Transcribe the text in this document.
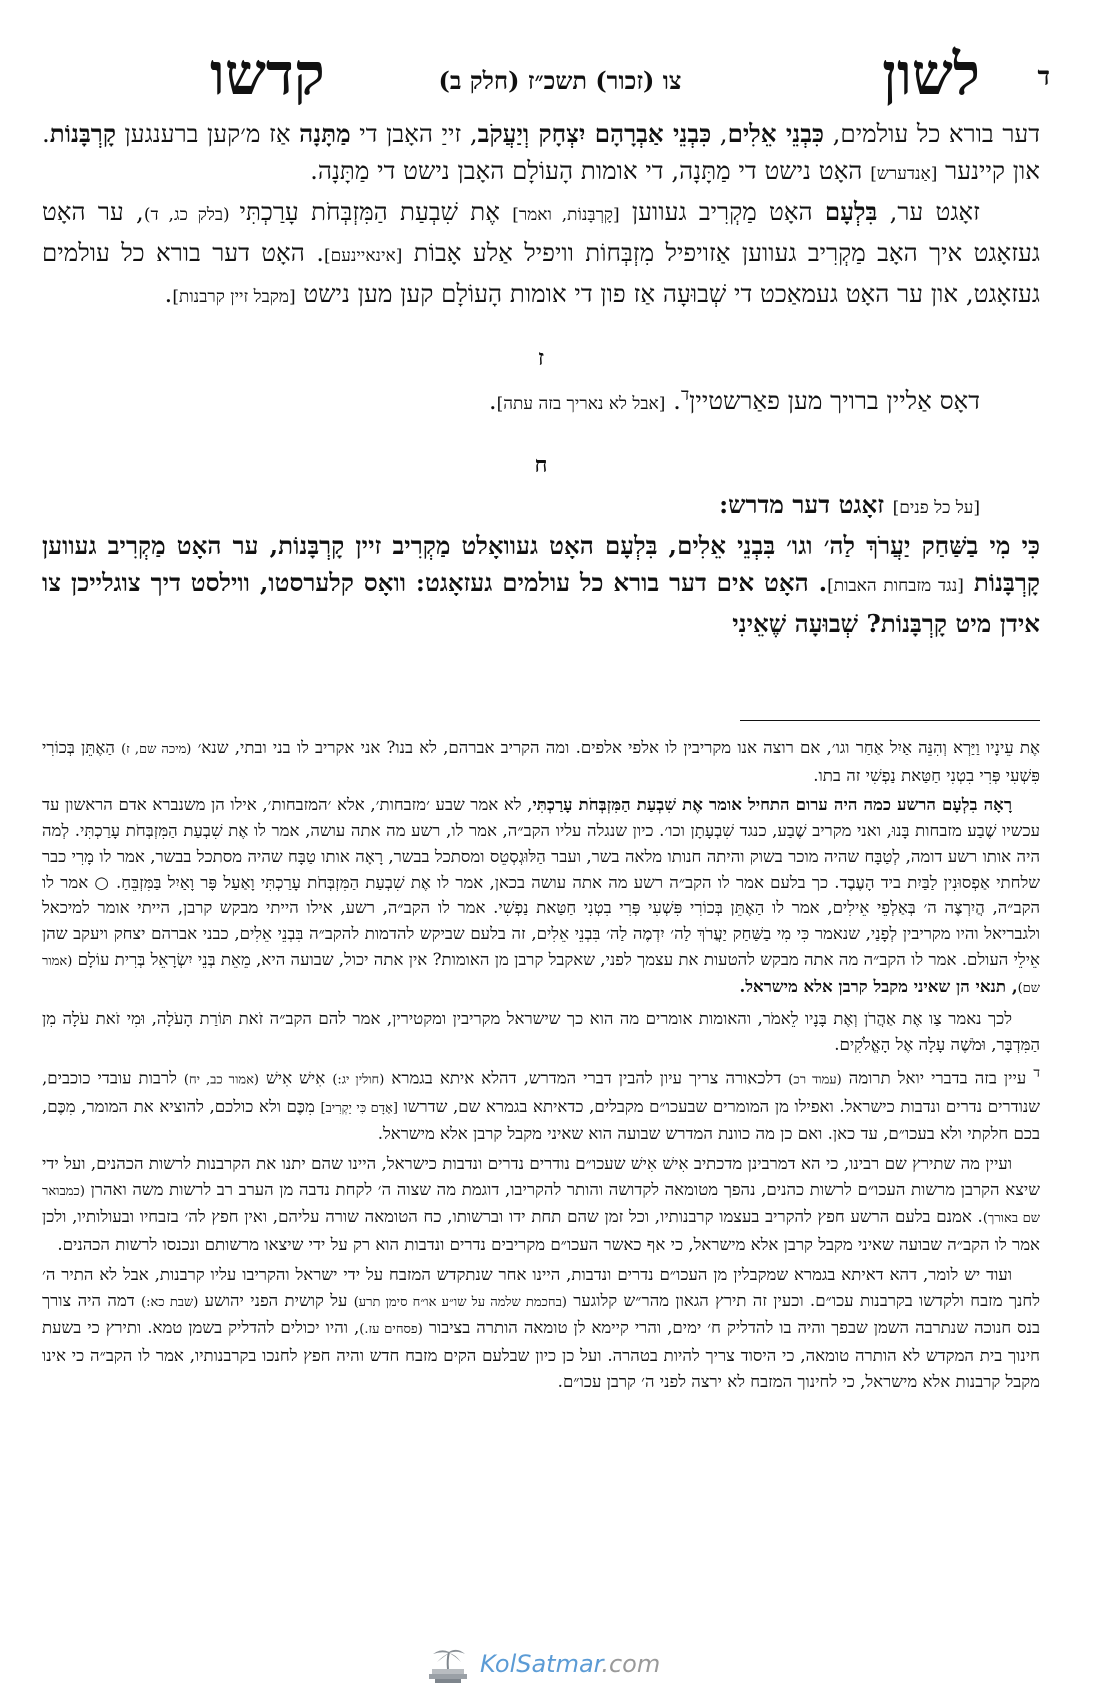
ד
לשון
צו (זכור) תשכ״ז (חלק ב)
קדשו

דער בורא כל עולמים, כִּבְנֵי אֵלִים, כִּבְנֵי אַבְרָהָם יִצְחָק וְיַעֲקֹב, זייַ האָבן די מַתָּנָה אַז מ׳קען ברענגען קָרְבָּנוֹת. און קיינער [אַנדערש] האָט נישט די מַתָּנָה, די אומות הָעוֹלָם האָבן נישט די מַתָּנָה.

זאָגט ער, בִּלְעָם האָט מַקְרִיב געווען [קָרְבָּנוֹת, ואמר] אֶת שִׁבְעַת הַמִּזְבְּחֹת עָרַכְתִּי (בלק כג, ד), ער האָט געזאָגט איך האָב מַקְרִיב געווען אַזויפיל מִזְבְּחוֹת וויפיל אַלע אָבוֹת [אינאיינעם]. האָט דער בורא כל עולמים געזאָגט, און ער האָט געמאַכט די שְׁבוּעָה אַז פון די אומות הָעוֹלָם קען מען נישט [מקבל זיין קרבנות].

ז

דאָס אַליין ברויך מען פאַרשטיין$^ד$. [אבל לא נאריך בזה עתה].

ח

[על כל פנים] זאָגט דער מדרש:

כִּי מִי בַשַּׁחַק יַעֲרֹךְ לַה׳ וגו׳ בִּבְנֵי אֵלִים, בִּלְעָם האָט געוואָלט מַקְרִיב זיין קָרְבָּנוֹת, ער האָט מַקְרִיב געווען קָרְבָּנוֹת [נגד מזבחות האבות]. האָט אים דער בורא כל עולמים געזאָגט: וואָס קלערסטו, ווילסט דיך צוגלייכן צו אידן מיט קָרְבָּנוֹת? שְׁבוּעָה שֶׁאֵינִי

אֶת עֵינָיו וַיַּרְא וְהִנֵּה אַיִל אַחַר וגו׳, אם רוצה אנו מקריבין לו אלפי אלפים. ומה הקריב אברהם, לא בנו? אני אקריב לו בני ובתי, שנא׳ (מיכה שם, ז) הַאֶתֵּן בְּכוֹרִי פִּשְׁעִי פְּרִי בִטְנִי חַטַּאת נַפְשִׁי זה בתו.

רָאָה בִלְעָם הרשע כמה היה ערום התחיל אומר אֶת שִׁבְעַת הַמִּזְבְּחֹת עָרַכְתִּי, לא אמר שבע ׳מזבחות׳, אלא ׳המזבחות׳, אילו הן משנברא אדם הראשון עד עכשיו שֶׁבַע מזבחות בָּנוּ, ואני מקריב שֶׁבַע, כנגד שִׁבְעָתָן וכו׳. כיון שנגלה עליו הקב״ה, אמר לו, רשע מה אתה עושה, אמר לו אֶת שִׁבְעַת הַמִּזְבְּחֹת עָרַכְתִּי. לְמה היה אותו רשע דומה, לְטַבָּח שהיה מוכר בשוק והיתה חנותו מלאה בשר, ועבר הַלּוּגְסְטֵס ומסתכל בבשר, רָאָה אותו טַבָּח שהיה מסתכל בבשר, אמר לו מָרִי כבר שלחתי אַפְסוּנִין לַבַּיִת ביד הָעֶבֶד. כך בלעם אמר לו הקב״ה רשע מה אתה עושה בכאן, אמר לו אֶת שִׁבְעַת הַמִּזְבְּחֹת עָרַכְתִּי וָאַעַל פָּר וָאַיִל בַּמִּזְבֵּחַ. ○ אמר לו הקב״ה, הֲיִרְצֶה ה׳ בְּאַלְפֵי אֵילִים, אמר לו הַאֶתֵּן בְּכוֹרִי פִּשְׁעִי פְּרִי בִטְנִי חַטַּאת נַפְשִׁי. אמר לו הקב״ה, רשע, אילו הייתי מבקש קרבן, הייתי אומר למיכאל ולגבריאל והיו מקריבין לְפָנַי, שנאמר כִּי מִי בַשַּׁחַק יַעֲרֹךְ לַה׳ יִדְמֶה לַה׳ בִּבְנֵי אֵלִים, זה בלעם שביקש להדמות להקב״ה בִּבְנֵי אֵלִים, כבני אברהם יצחק ויעקב שהן אֵילֵי העולם. אמר לו הקב״ה מה אתה מבקש להטעות את עצמך לפני, שאקבל קרבן מן האומות? אין אתה יכול, שבועה היא, מֵאֵת בְּנֵי יִשְׂרָאֵל בְּרִית עוֹלָם (אמור שם), תנאי הן שאיני מקבל קרבן אלא מישראל.

לכך נאמר צַו אֶת אַהֲרֹן וְאֶת בָּנָיו לֵאמֹר, והאומות אומרים מה הוא כך שישראל מקריבין ומקטירין, אמר להם הקב״ה זֹאת תּוֹרַת הָעֹלָה, וּמִי זֹאת עֹלָה מִן הַמִּדְבָּר, וּמֹשֶׁה עָלָה אֶל הָאֱלֹקִים.

$^ד$ עיין בזה בדברי יואל תרומה (עמוד רכ) דלכאורה צריך עיון להבין דברי המדרש, דהלא איתא בגמרא (חולין יג:) אִישׁ אִישׁ (אמור כב, יח) לרבות עובדי כוכבים, שנודרים נדרים ונדבות כישראל. ואפילו מן המומרים שבעכו״ם מקבלים, כדאיתא בגמרא שם, שדרשו [אָדָם כִּי יַקְרִיב] מִכֶּם ולא כולכם, להוציא את המומר, מִכֶּם, בכם חלקתי ולא בעכו״ם, עד כאן. ואם כן מה כוונת המדרש שבועה הוא שאיני מקבל קרבן אלא מישראל.

ועיין מה שתירץ שם רבינו, כי הא דמרבינן מדכתיב אִישׁ אִישׁ שעכו״ם נודרים נדרים ונדבות כישראל, היינו שהם יתנו את הקרבנות לרשות הכהנים, ועל ידי שיצא הקרבן מרשות העכו״ם לרשות כהנים, נהפך מטומאה לקדושה והותר להקריבו, דוגמת מה שצוה ה׳ לקחת נדבה מן הערב רב לרשות משה ואהרן (כמבואר שם באורך). אמנם בלעם הרשע חפץ להקריב בעצמו קרבנותיו, וכל זמן שהם תחת ידו וברשותו, כח הטומאה שורה עליהם, ואין חפץ לה׳ בזבחיו ובעולותיו, ולכן אמר לו הקב״ה שבועה שאיני מקבל קרבן אלא מישראל, כי אף כאשר העכו״ם מקריבים נדרים ונדבות הוא רק על ידי שיצאו מרשותם ונכנסו לרשות הכהנים.

ועוד יש לומר, דהא דאיתא בגמרא שמקבלין מן העכו״ם נדרים ונדבות, היינו אחר שנתקדש המזבח על ידי ישראל והקריבו עליו קרבנות, אבל לא התיר ה׳ לחנך מזבח ולקדשו בקרבנות עכו״ם. וכעין זה תירץ הגאון מהר״ש קלוגער (בחכמת שלמה על שו״ע או״ח סימן תרע) על קושית הפני יהושע (שבת כא:) דמה היה צורך בנס חנוכה שנתרבה השמן שבפך והיה בו להדליק ח׳ ימים, והרי קיימא לן טומאה הותרה בציבור (פסחים עז.), והיו יכולים להדליק בשמן טמא. ותירץ כי בשעת חינוך בית המקדש לא הותרה טומאה, כי היסוד צריך להיות בטהרה. ועל כן כיון שבלעם הקים מזבח חדש והיה חפץ לחנכו בקרבנותיו, אמר לו הקב״ה כי אינו מקבל קרבנות אלא מישראל, כי לחינוך המזבח לא ירצה לפני ה׳ קרבן עכו״ם.

KolSatmar.com
